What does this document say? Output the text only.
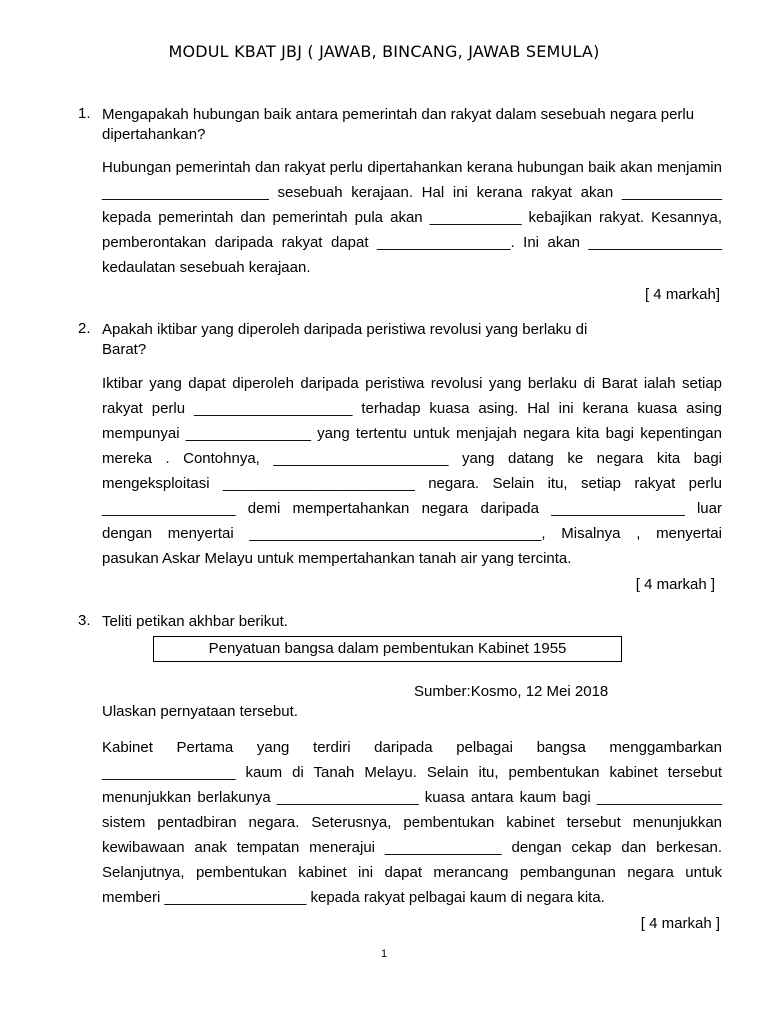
MODUL KBAT JBJ ( JAWAB, BINCANG, JAWAB SEMULA)
1. Mengapakah hubungan baik antara pemerintah dan rakyat dalam sesebuah negara perlu dipertahankan?
Hubungan pemerintah dan rakyat perlu dipertahankan kerana hubungan baik akan menjamin ____________________ sesebuah kerajaan. Hal ini kerana rakyat akan ____________ kepada pemerintah dan pemerintah pula akan ___________ kebajikan rakyat. Kesannya, pemberontakan daripada rakyat dapat ________________. Ini akan ________________ kedaulatan sesebuah kerajaan.
[ 4 markah]
2. Apakah iktibar yang diperoleh daripada peristiwa revolusi yang berlaku di Barat?
Iktibar yang dapat diperoleh daripada peristiwa revolusi yang berlaku di Barat ialah setiap rakyat perlu ___________________ terhadap kuasa asing. Hal ini kerana kuasa asing mempunyai _______________ yang tertentu untuk menjajah negara kita bagi kepentingan mereka . Contohnya, _____________________ yang datang ke negara kita bagi mengeksploitasi _______________________ negara. Selain itu, setiap rakyat perlu ________________ demi mempertahankan negara daripada ________________ luar dengan menyertai ___________________________________, Misalnya , menyertai pasukan Askar Melayu untuk mempertahankan tanah air yang tercinta.
[ 4 markah ]
3. Teliti petikan akhbar berikut.
Penyatuan bangsa dalam pembentukan Kabinet 1955
Sumber:Kosmo, 12 Mei 2018
Ulaskan pernyataan tersebut.
Kabinet Pertama yang terdiri daripada pelbagai bangsa menggambarkan ________________ kaum di Tanah Melayu. Selain itu, pembentukan kabinet tersebut menunjukkan berlakunya _________________ kuasa antara kaum bagi _______________ sistem pentadbiran negara. Seterusnya, pembentukan kabinet tersebut menunjukkan kewibawaan anak tempatan menerajui ______________ dengan cekap dan berkesan. Selanjutnya, pembentukan kabinet ini dapat merancang pembangunan negara untuk memberi _________________ kepada rakyat pelbagai kaum di negara kita.
[ 4 markah ]
1
